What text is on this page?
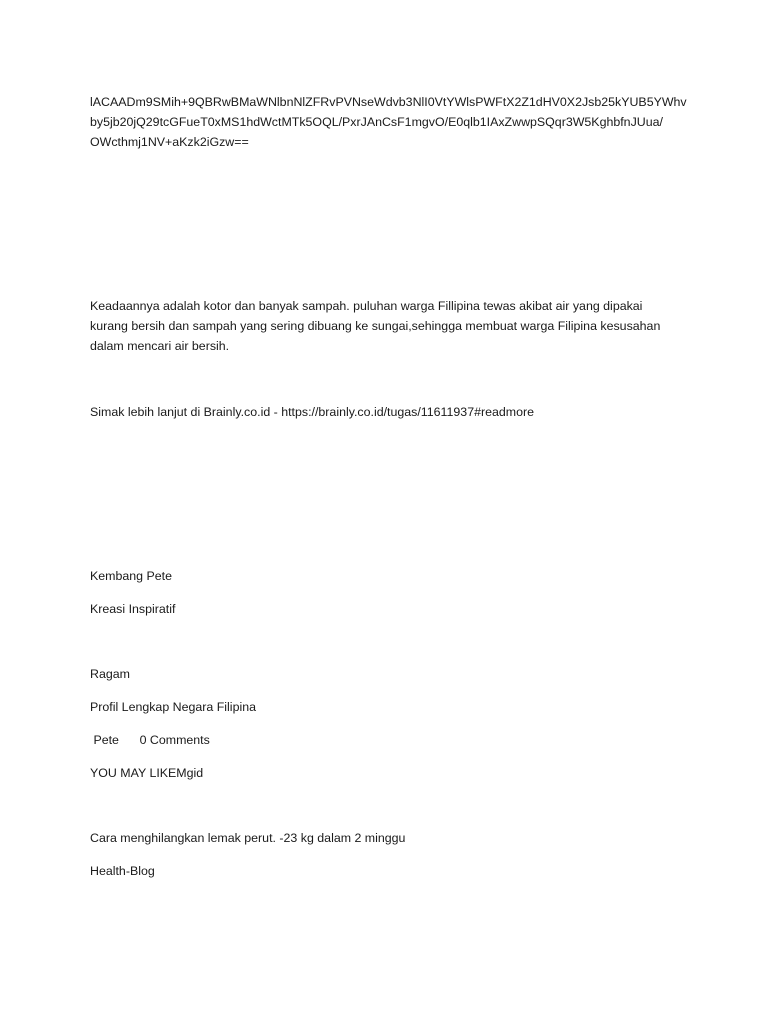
lACAADm9SMih+9QBRwBMaWNlbnNlZFRvPVNseWdvb3NlI0VtYWlsPWFtX2Z1dHV0X2Jsb25kYUB5YWhv
by5jb20jQ29tcGFueT0xMS1hdWctMTk5OQL/PxrJAnCsF1mgvO/E0qlb1IAxZwwpSQqr3W5KghbfnJUua/
OWcthmj1NV+aKzk2iGzw==
Keadaannya adalah kotor dan banyak sampah. puluhan warga Fillipina tewas akibat air yang dipakai
kurang bersih dan sampah yang sering dibuang ke sungai,sehingga membuat warga Filipina kesusahan
dalam mencari air bersih.
Simak lebih lanjut di Brainly.co.id - https://brainly.co.id/tugas/11611937#readmore
Kembang Pete
Kreasi Inspiratif
Ragam
Profil Lengkap Negara Filipina
Pete      0 Comments
YOU MAY LIKEMgid
Cara menghilangkan lemak perut. -23 kg dalam 2 minggu
Health-Blog
